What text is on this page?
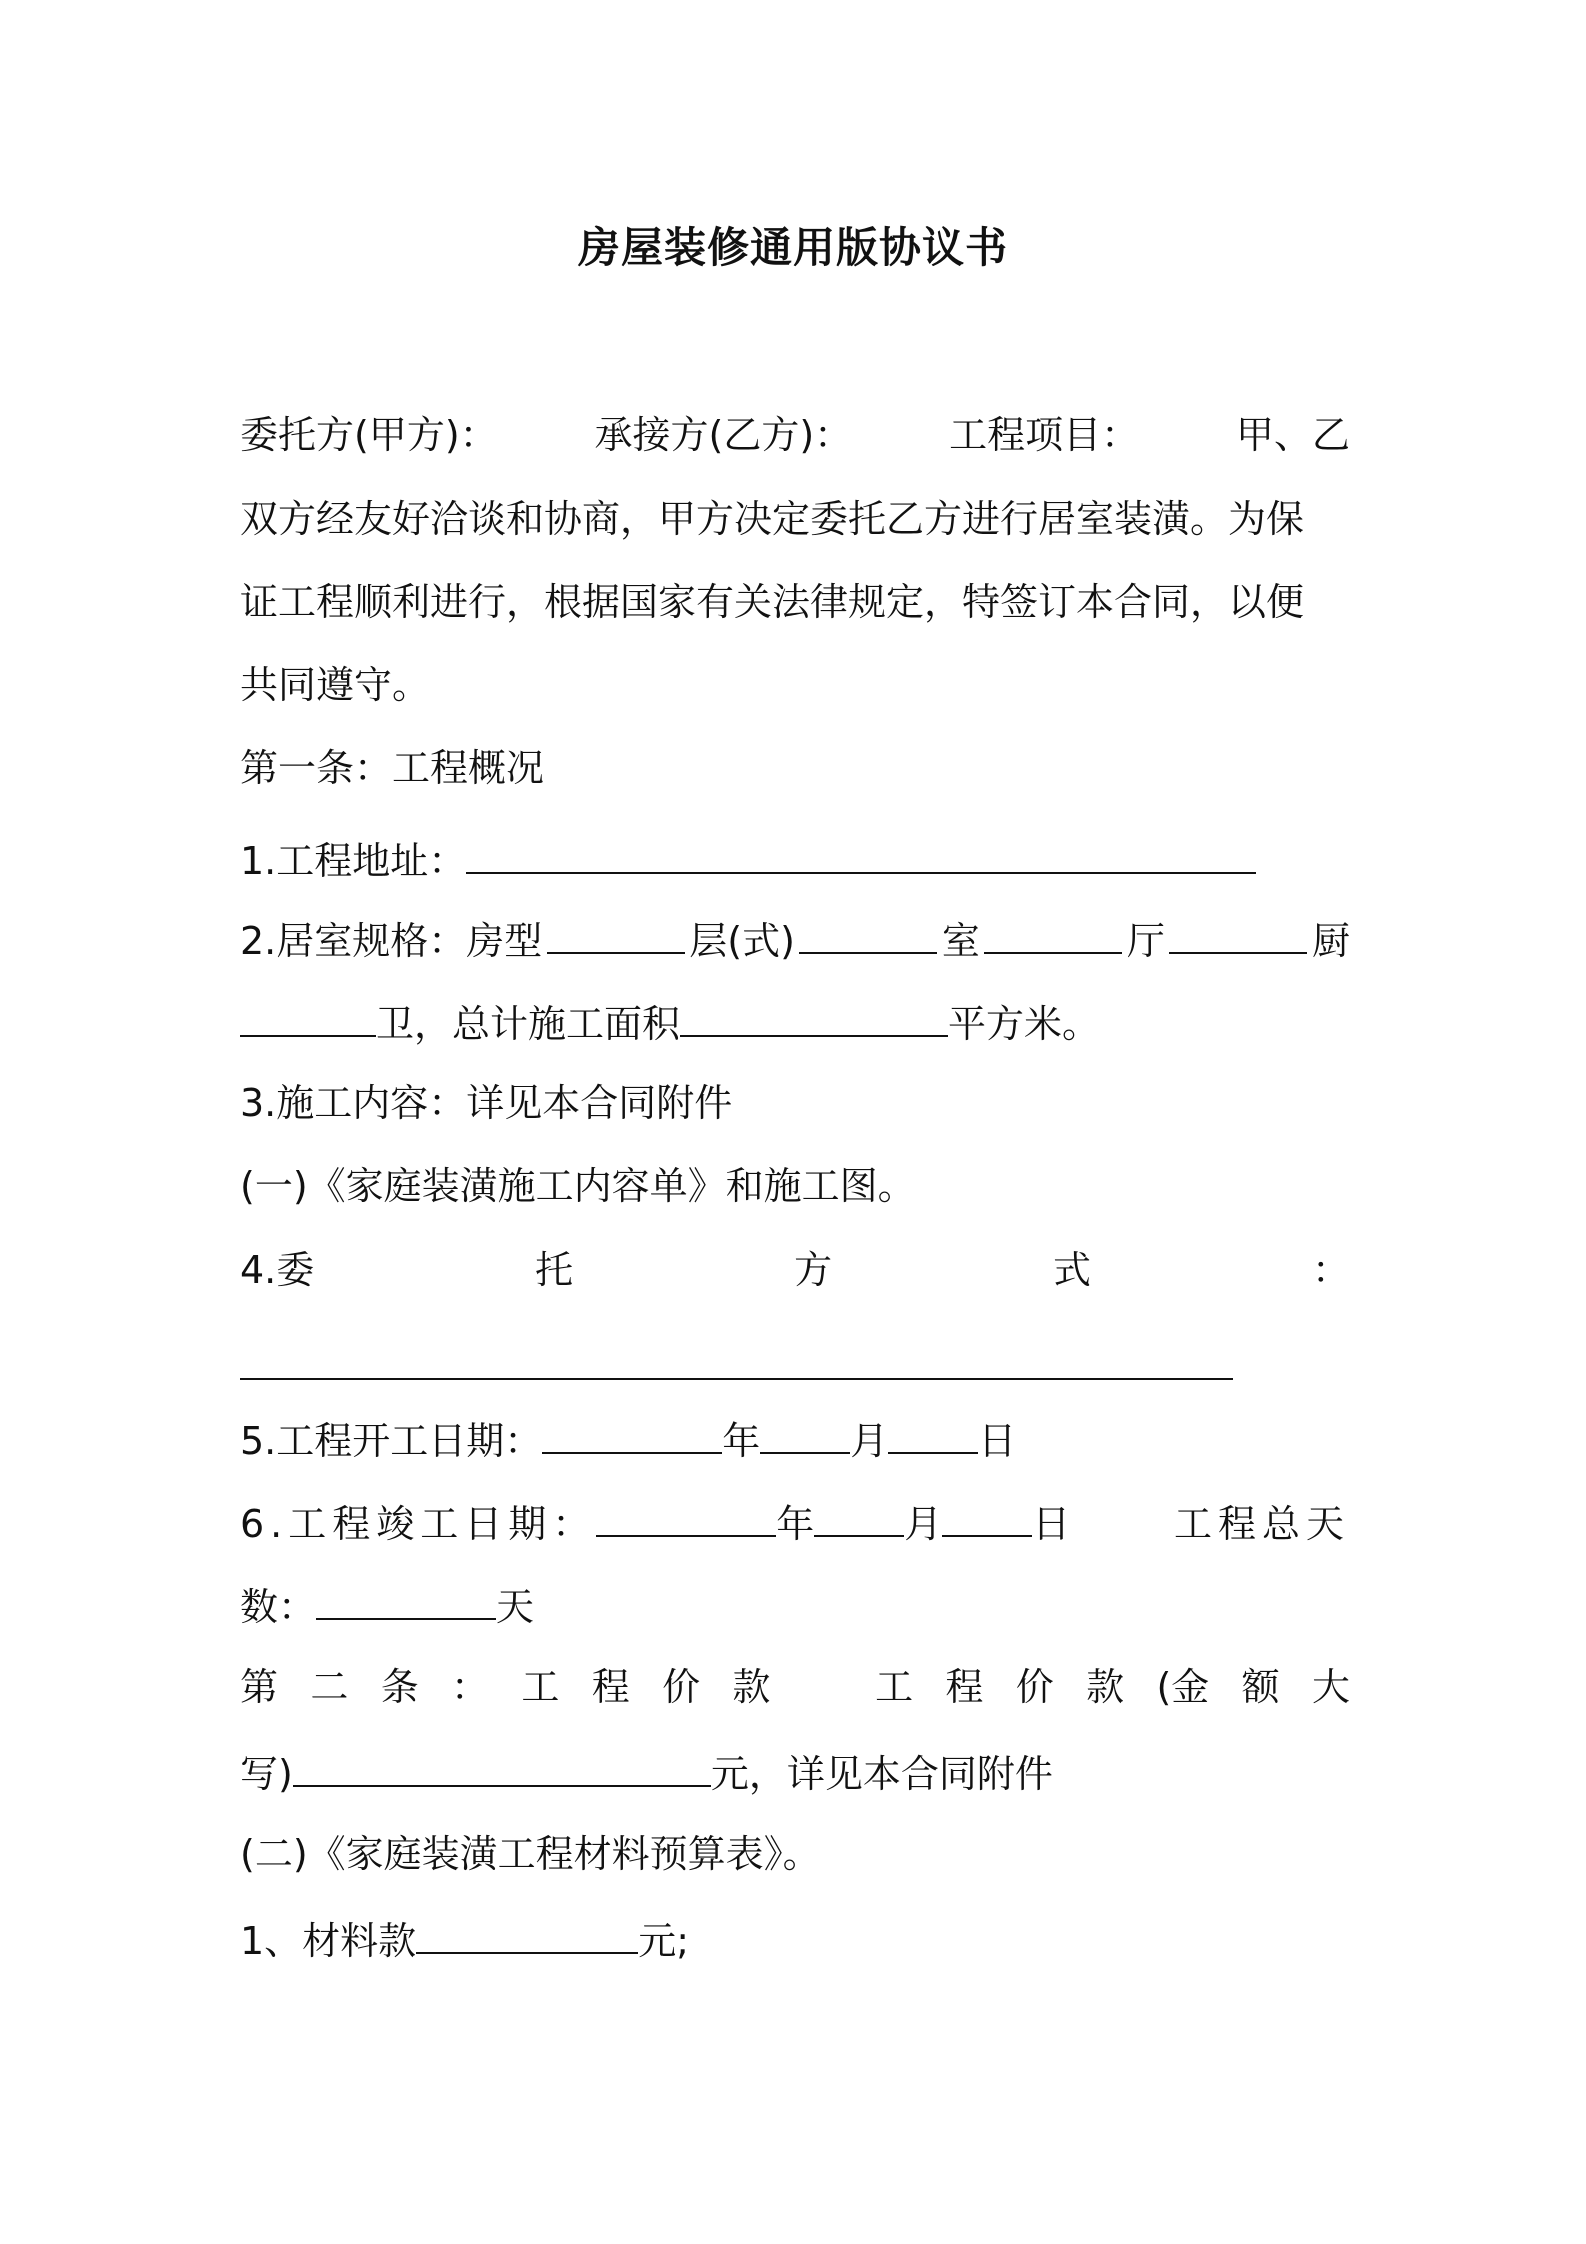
房屋装修通用版协议书
委托方(甲方)：	承接方(乙方)：	工程项目：	甲、乙
双方经友好洽谈和协商，甲方决定委托乙方进行居室装潢。为保
证工程顺利进行，根据国家有关法律规定，特签订本合同，以便
共同遵守。
第一条：工程概况
1.工程地址：
2.居室规格：房型	层(式)	室	厅	厨
卫，总计施工面积	平方米。
3.施工内容：详见本合同附件
(一)《家庭装潢施工内容单》和施工图。
4.委	托	方	式	：
5.工程开工日期：	年 月 日
6.工程竣工日期：	年 月 日	工程总天
数：	天
第 二 条 ： 工 程 价 款	工 程 价 款 (金 额 大
写)	元，详见本合同附件
(二)《家庭装潢工程材料预算表》。
1、材料款	元;
